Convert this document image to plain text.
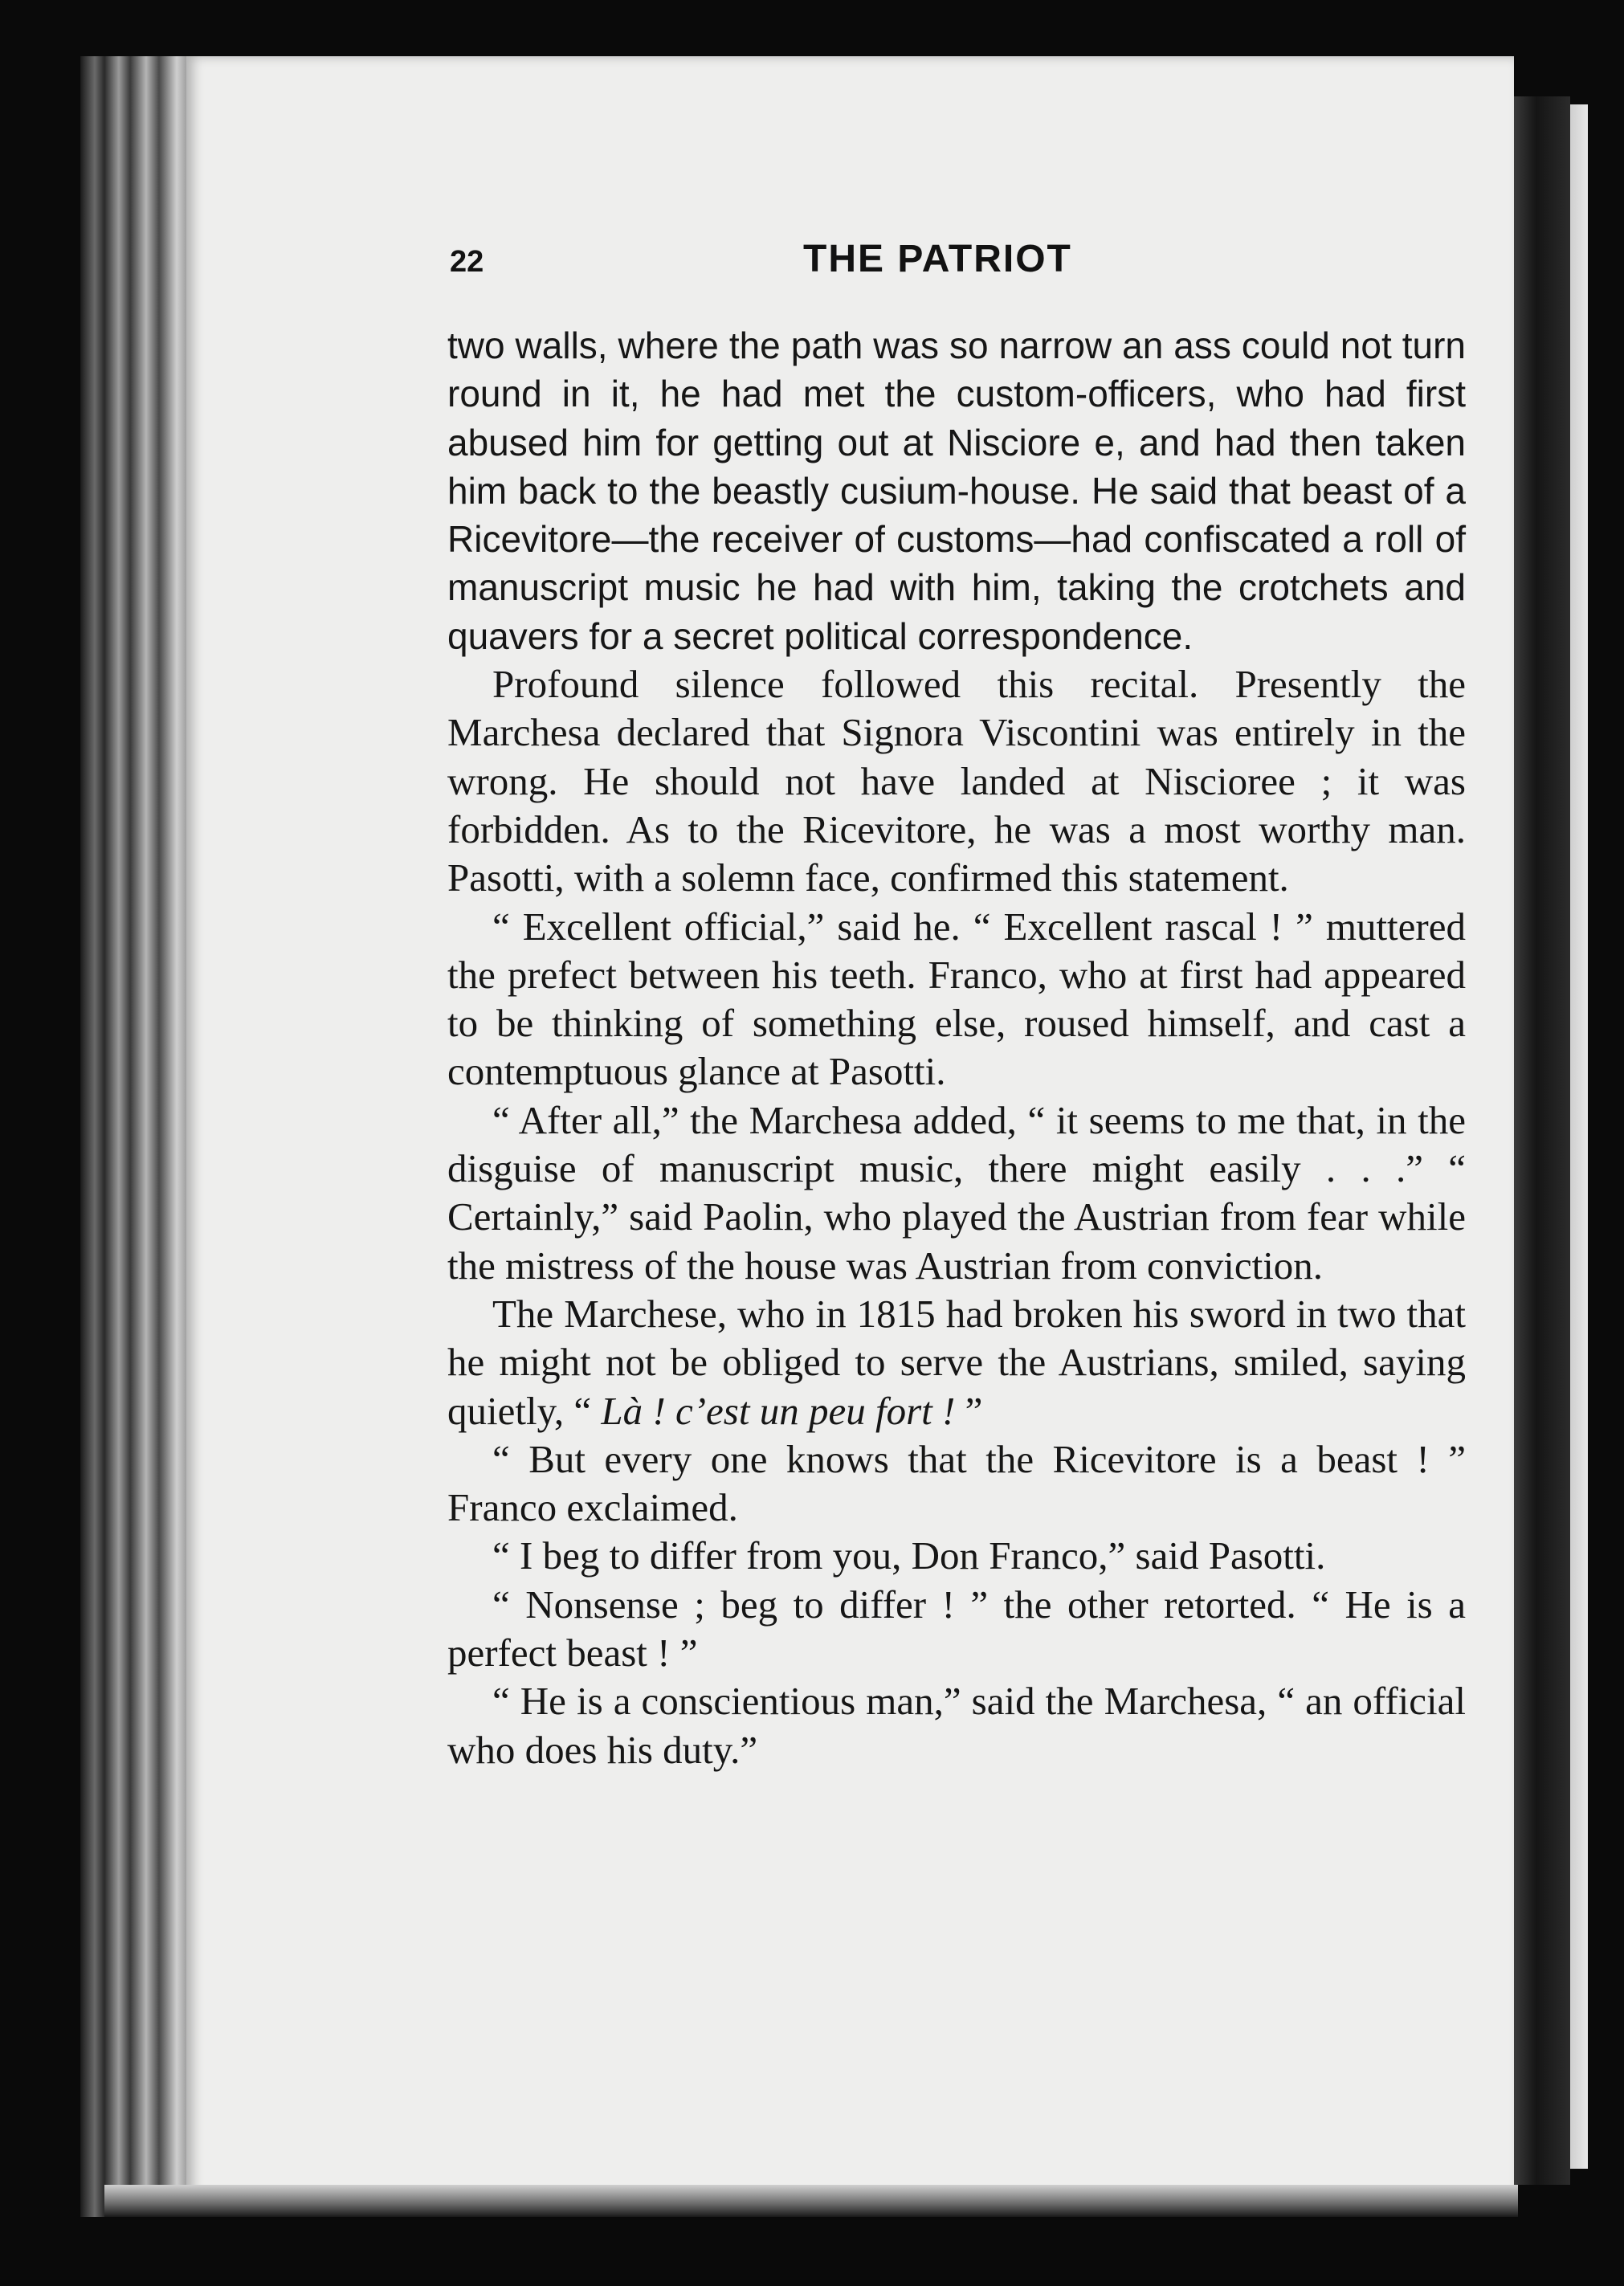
22	THE PATRIOT

two walls, where the path was so narrow an ass could not turn round in it, he had met the custom-officers, who had first abused him for getting out at Nisciore e, and had then taken him back to the beastly cusium-house. He said that beast of a Ricevitore—the receiver of customs—had confiscated a roll of manuscript music he had with him, taking the crotchets and quavers for a secret political correspondence.

Profound silence followed this recital. Presently the Marchesa declared that Signora Viscontini was entirely in the wrong. He should not have landed at Niscioree ; it was forbidden. As to the Ricevitore, he was a most worthy man. Pasotti, with a solemn face, confirmed this statement.

“ Excellent official,” said he. “ Excellent rascal ! ” muttered the prefect between his teeth. Franco, who at first had appeared to be thinking of something else, roused himself, and cast a contemptuous glance at Pasotti.

“ After all,” the Marchesa added, “ it seems to me that, in the disguise of manuscript music, there might easily . . .” “ Certainly,” said Paolin, who played the Austrian from fear while the mistress of the house was Austrian from conviction.

The Marchese, who in 1815 had broken his sword in two that he might not be obliged to serve the Austrians, smiled, saying quietly, “ Là ! c’est un peu fort ! ”

“ But every one knows that the Ricevitore is a beast ! ” Franco exclaimed.

“ I beg to differ from you, Don Franco,” said Pasotti.

“ Nonsense ; beg to differ ! ” the other retorted. “ He is a perfect beast ! ”

“ He is a conscientious man,” said the Marchesa, “ an official who does his duty.”
